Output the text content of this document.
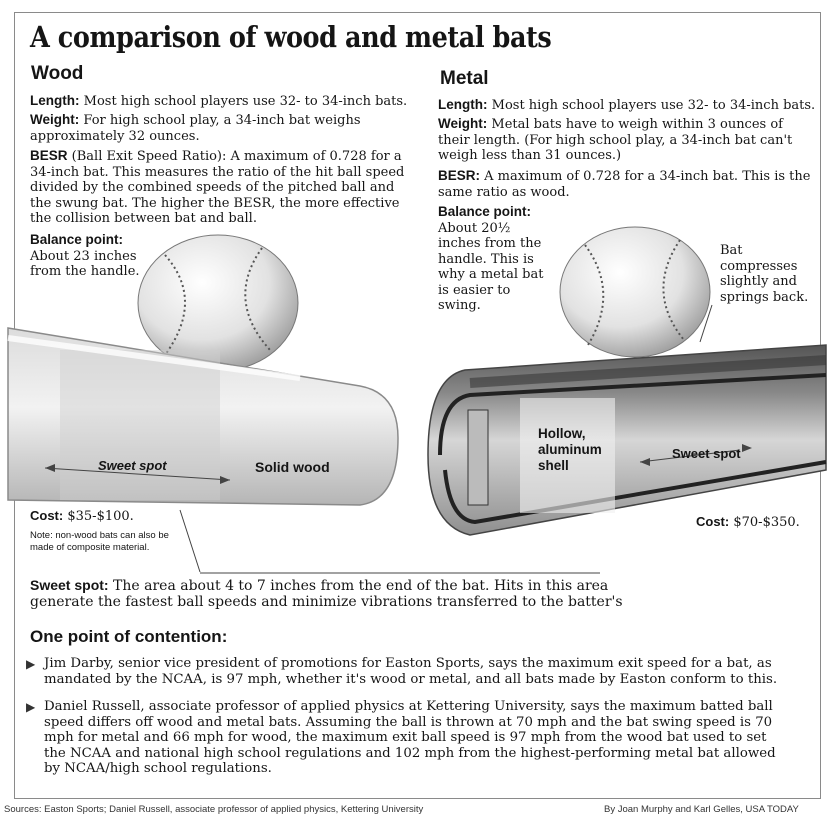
A comparison of wood and metal bats
Sweet spot	Solid wood
Hollow,
aluminum
shell
Sweet spot
Wood
Length: Most high school players use 32- to 34-inch bats.
Weight: For high school play, a 34-inch bat weighs approximately 32 ounces.
BESR (Ball Exit Speed Ratio): A maximum of 0.728 for a 34-inch bat. This measures the ratio of the hit ball speed divided by the combined speeds of the pitched ball and the swung bat. The higher the BESR, the more effective the collision between bat and ball.
Balance point:
About 23 inches from the handle.
Cost: $35-$100.
Note: non-wood bats can also be made of composite material.
Metal
Length: Most high school players use 32- to 34-inch bats.
Weight: Metal bats have to weigh within 3 ounces of their length. (For high school play, a 34-inch bat can't weigh less than 31 ounces.)
BESR: A maximum of 0.728 for a 34-inch bat. This is the same ratio as wood.
Balance point:
About 20½ inches from the handle. This is why a metal bat is easier to swing.
Bat compresses slightly and springs back.
Cost: $70-$350.
Sweet spot: The area about 4 to 7 inches from the end of the bat. Hits in this area generate the fastest ball speeds and minimize vibrations transferred to the batter's
One point of contention:
▶ Jim Darby, senior vice president of promotions for Easton Sports, says the maximum exit speed for a bat, as mandated by the NCAA, is 97 mph, whether it's wood or metal, and all bats made by Easton conform to this.
▶ Daniel Russell, associate professor of applied physics at Kettering University, says the maximum batted ball speed differs off wood and metal bats. Assuming the ball is thrown at 70 mph and the bat swing speed is 70 mph for metal and 66 mph for wood, the maximum exit ball speed is 97 mph from the wood bat used to set the NCAA and national high school regulations and 102 mph from the highest-performing metal bat allowed by NCAA/high school regulations.
Sources: Easton Sports; Daniel Russell, associate professor of applied physics, Kettering University	By Joan Murphy and Karl Gelles, USA TODAY
